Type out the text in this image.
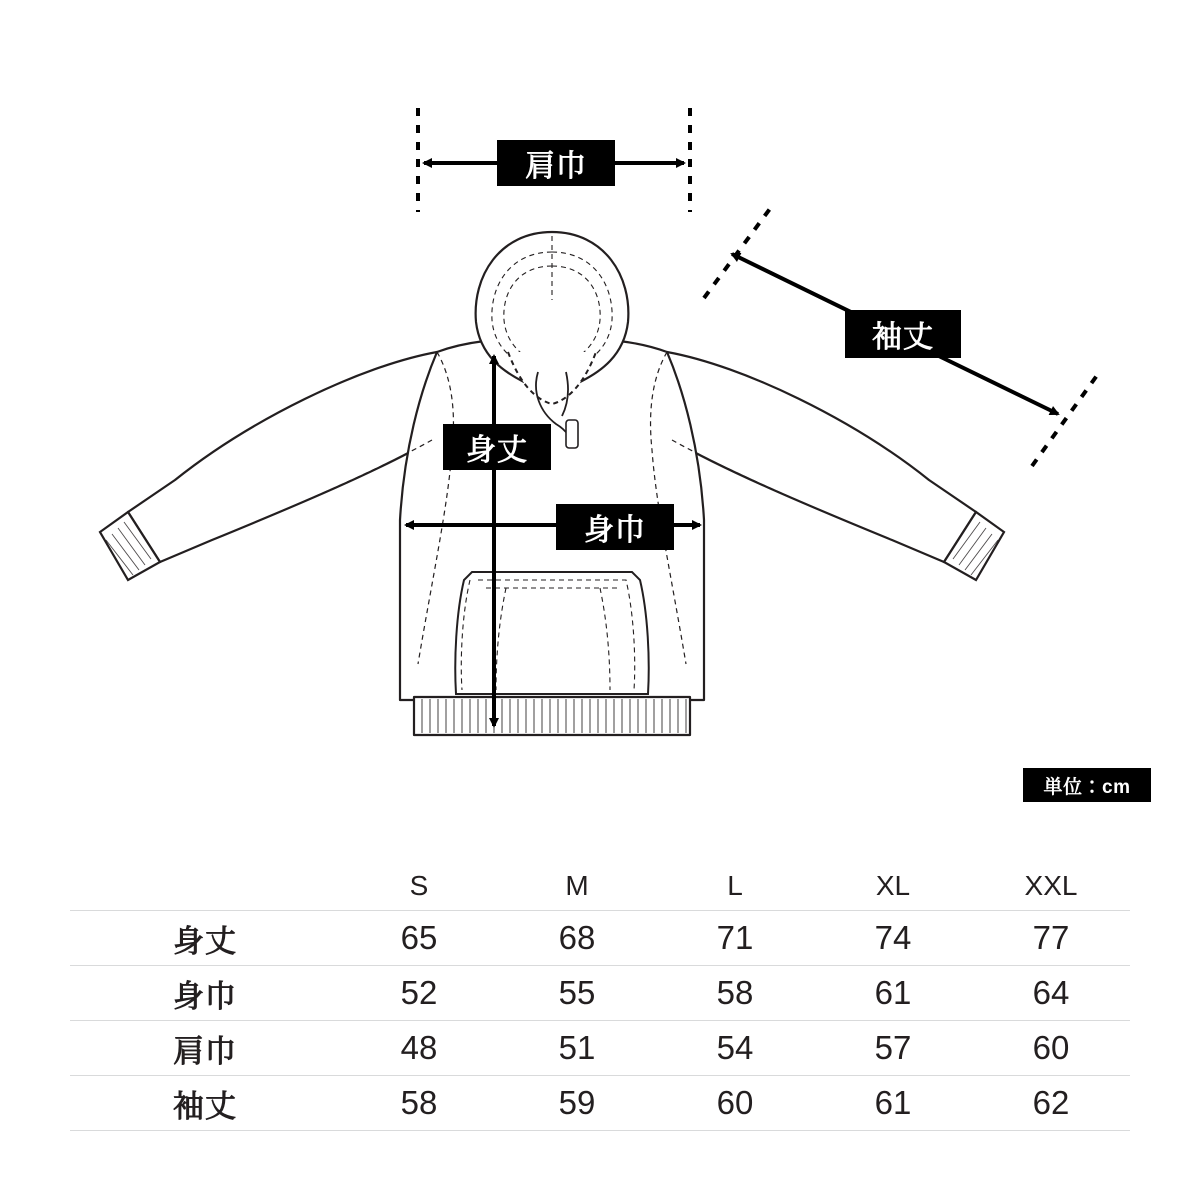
肩巾
身丈
身巾
袖丈
単位：cm
	S	M	L	XL	XXL
身丈	65	68	71	74	77
身巾	52	55	58	61	64
肩巾	48	51	54	57	60
袖丈	58	59	60	61	62
